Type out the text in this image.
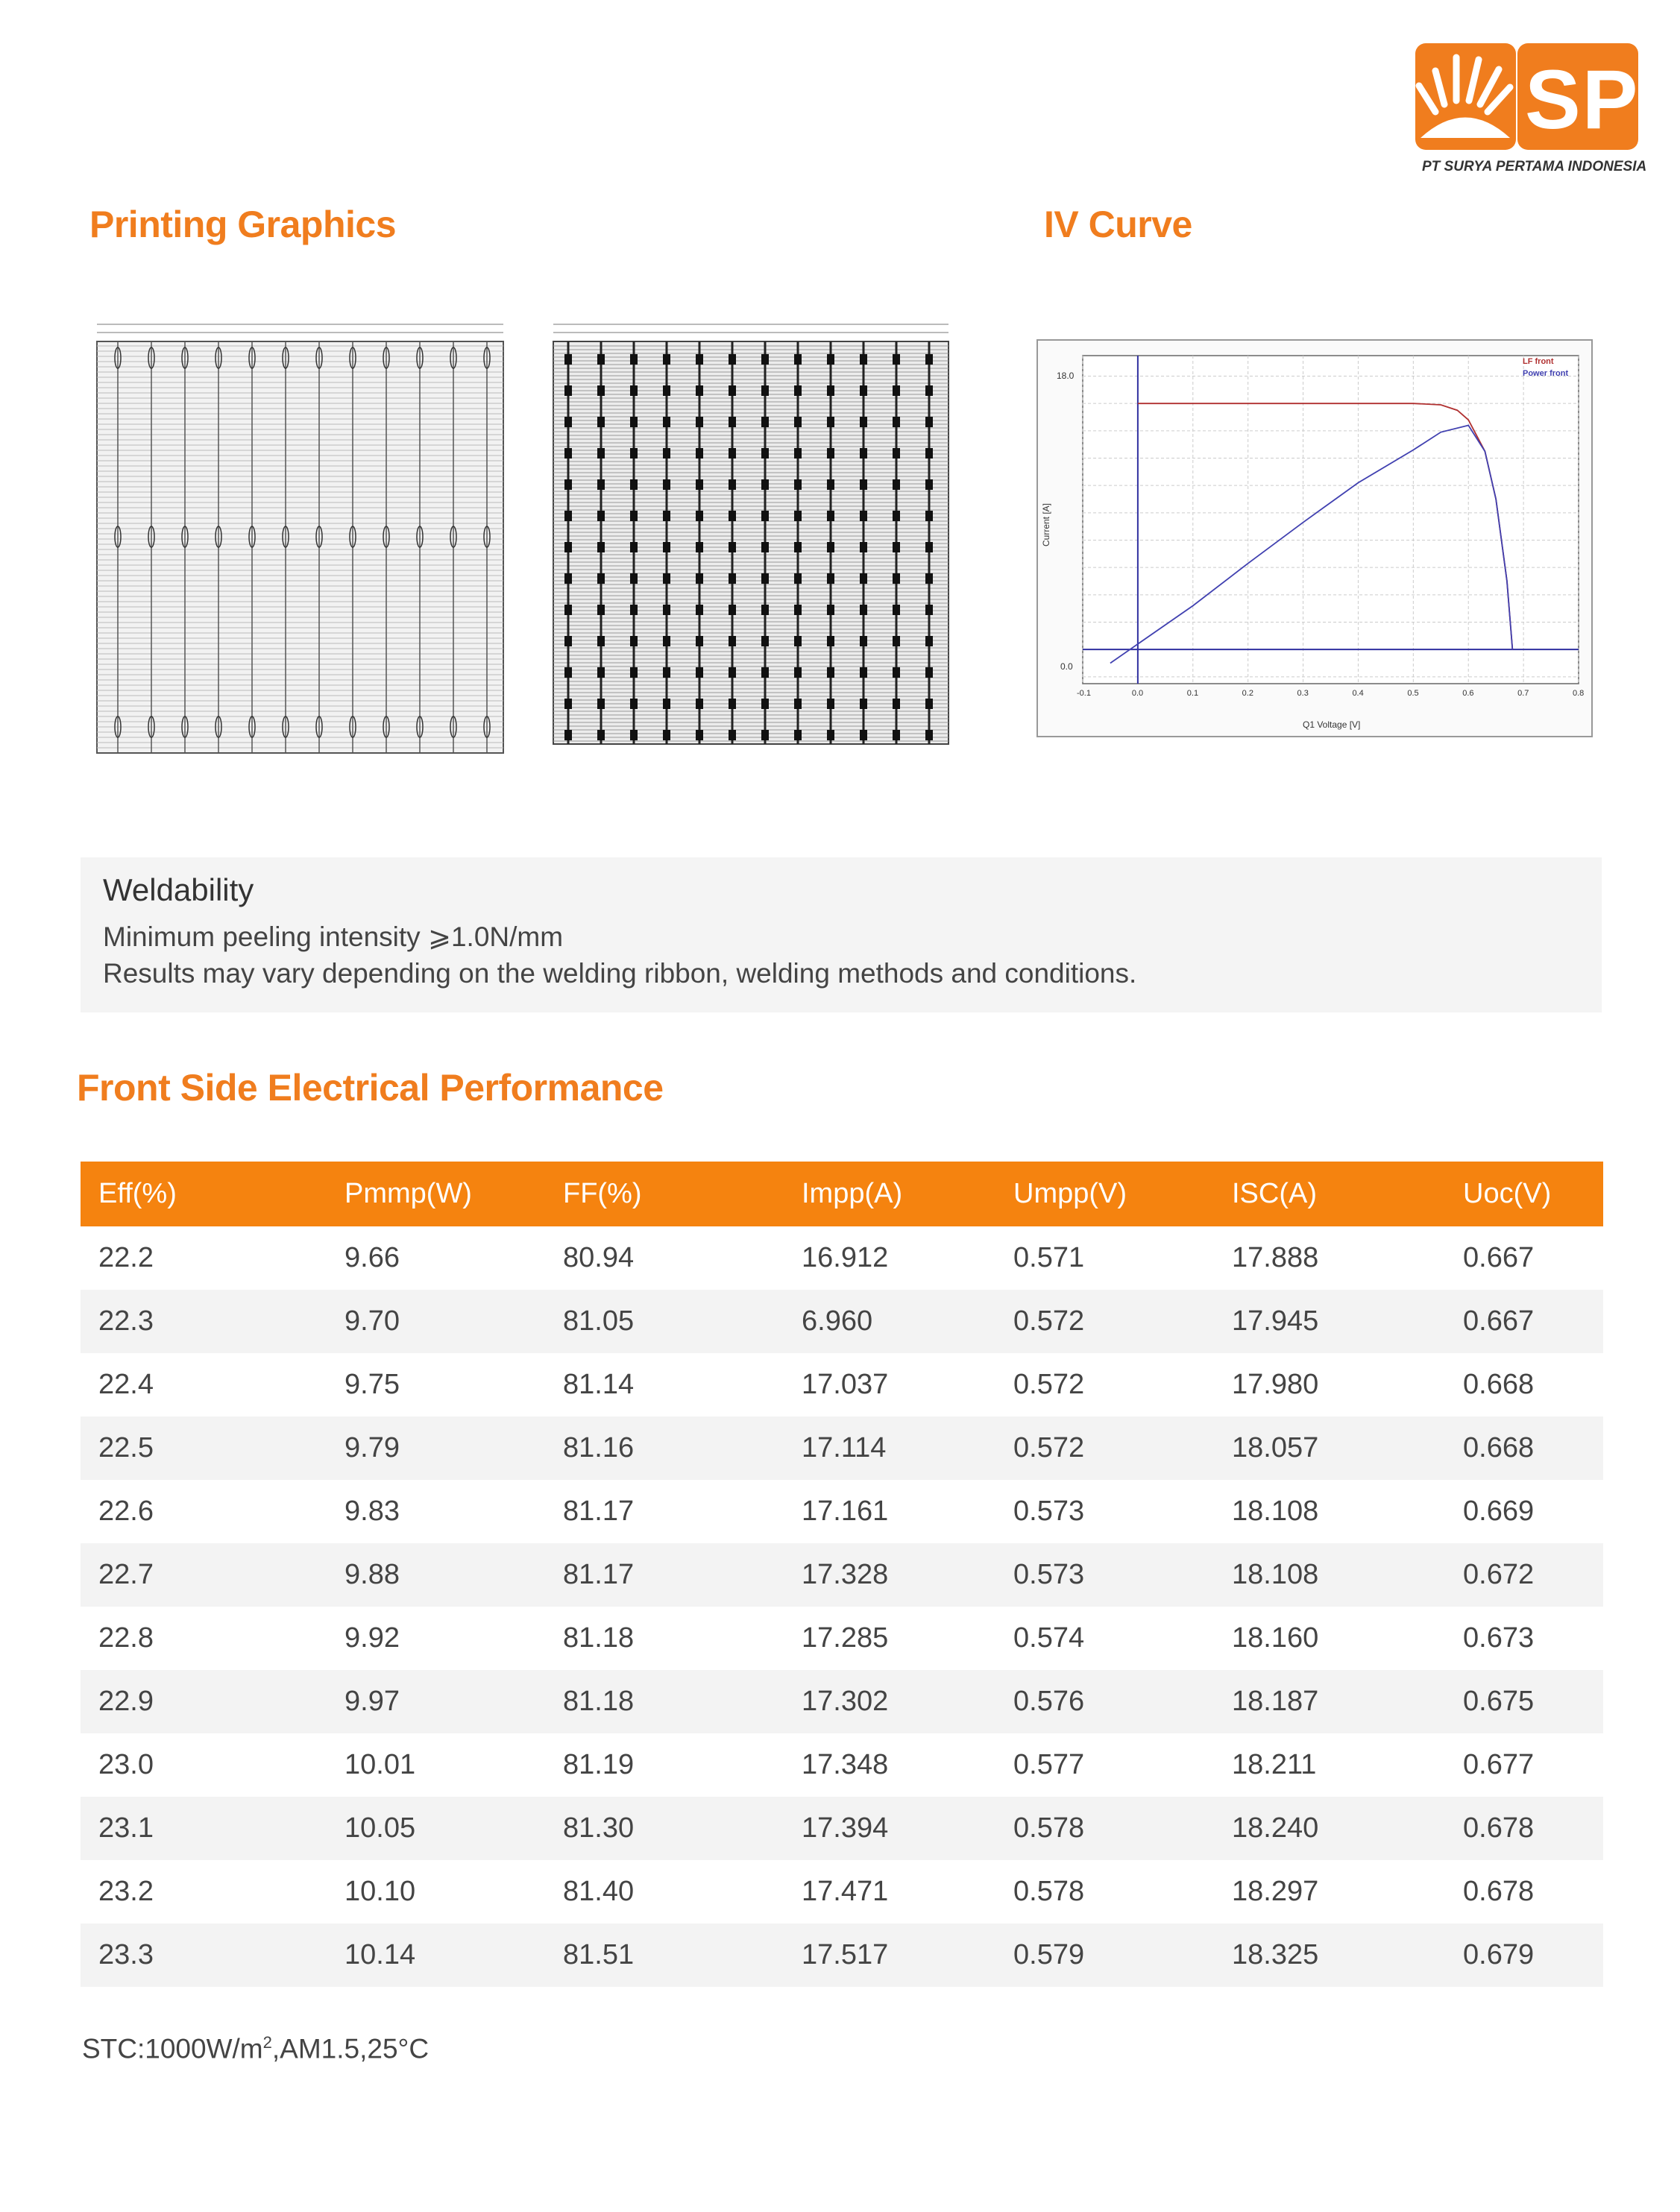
SPI
PT SURYA PERTAMA INDONESIA
Printing Graphics	IV Curve
-0.1	0.0	0.1	0.2	0.3	0.4	0.5	0.6	0.7	0.8
18.0
0.0
Current [A]
Q1 Voltage [V]
LF front
Power front
Weldability
Minimum peeling intensity ⩾1.0N/mm
Results may vary depending on the welding ribbon, welding methods and conditions.
Front Side Electrical Performance
Eff(%)	Pmmp(W)	FF(%)	Impp(A)	Umpp(V)	ISC(A)	Uoc(V)
22.2	9.66	80.94	16.912	0.571	17.888	0.667
22.3	9.70	81.05	6.960	0.572	17.945	0.667
22.4	9.75	81.14	17.037	0.572	17.980	0.668
22.5	9.79	81.16	17.114	0.572	18.057	0.668
22.6	9.83	81.17	17.161	0.573	18.108	0.669
22.7	9.88	81.17	17.328	0.573	18.108	0.672
22.8	9.92	81.18	17.285	0.574	18.160	0.673
22.9	9.97	81.18	17.302	0.576	18.187	0.675
23.0	10.01	81.19	17.348	0.577	18.211	0.677
23.1	10.05	81.30	17.394	0.578	18.240	0.678
23.2	10.10	81.40	17.471	0.578	18.297	0.678
23.3	10.14	81.51	17.517	0.579	18.325	0.679
$STC:1000W/m^2,AM1.5,25^\circ C$
